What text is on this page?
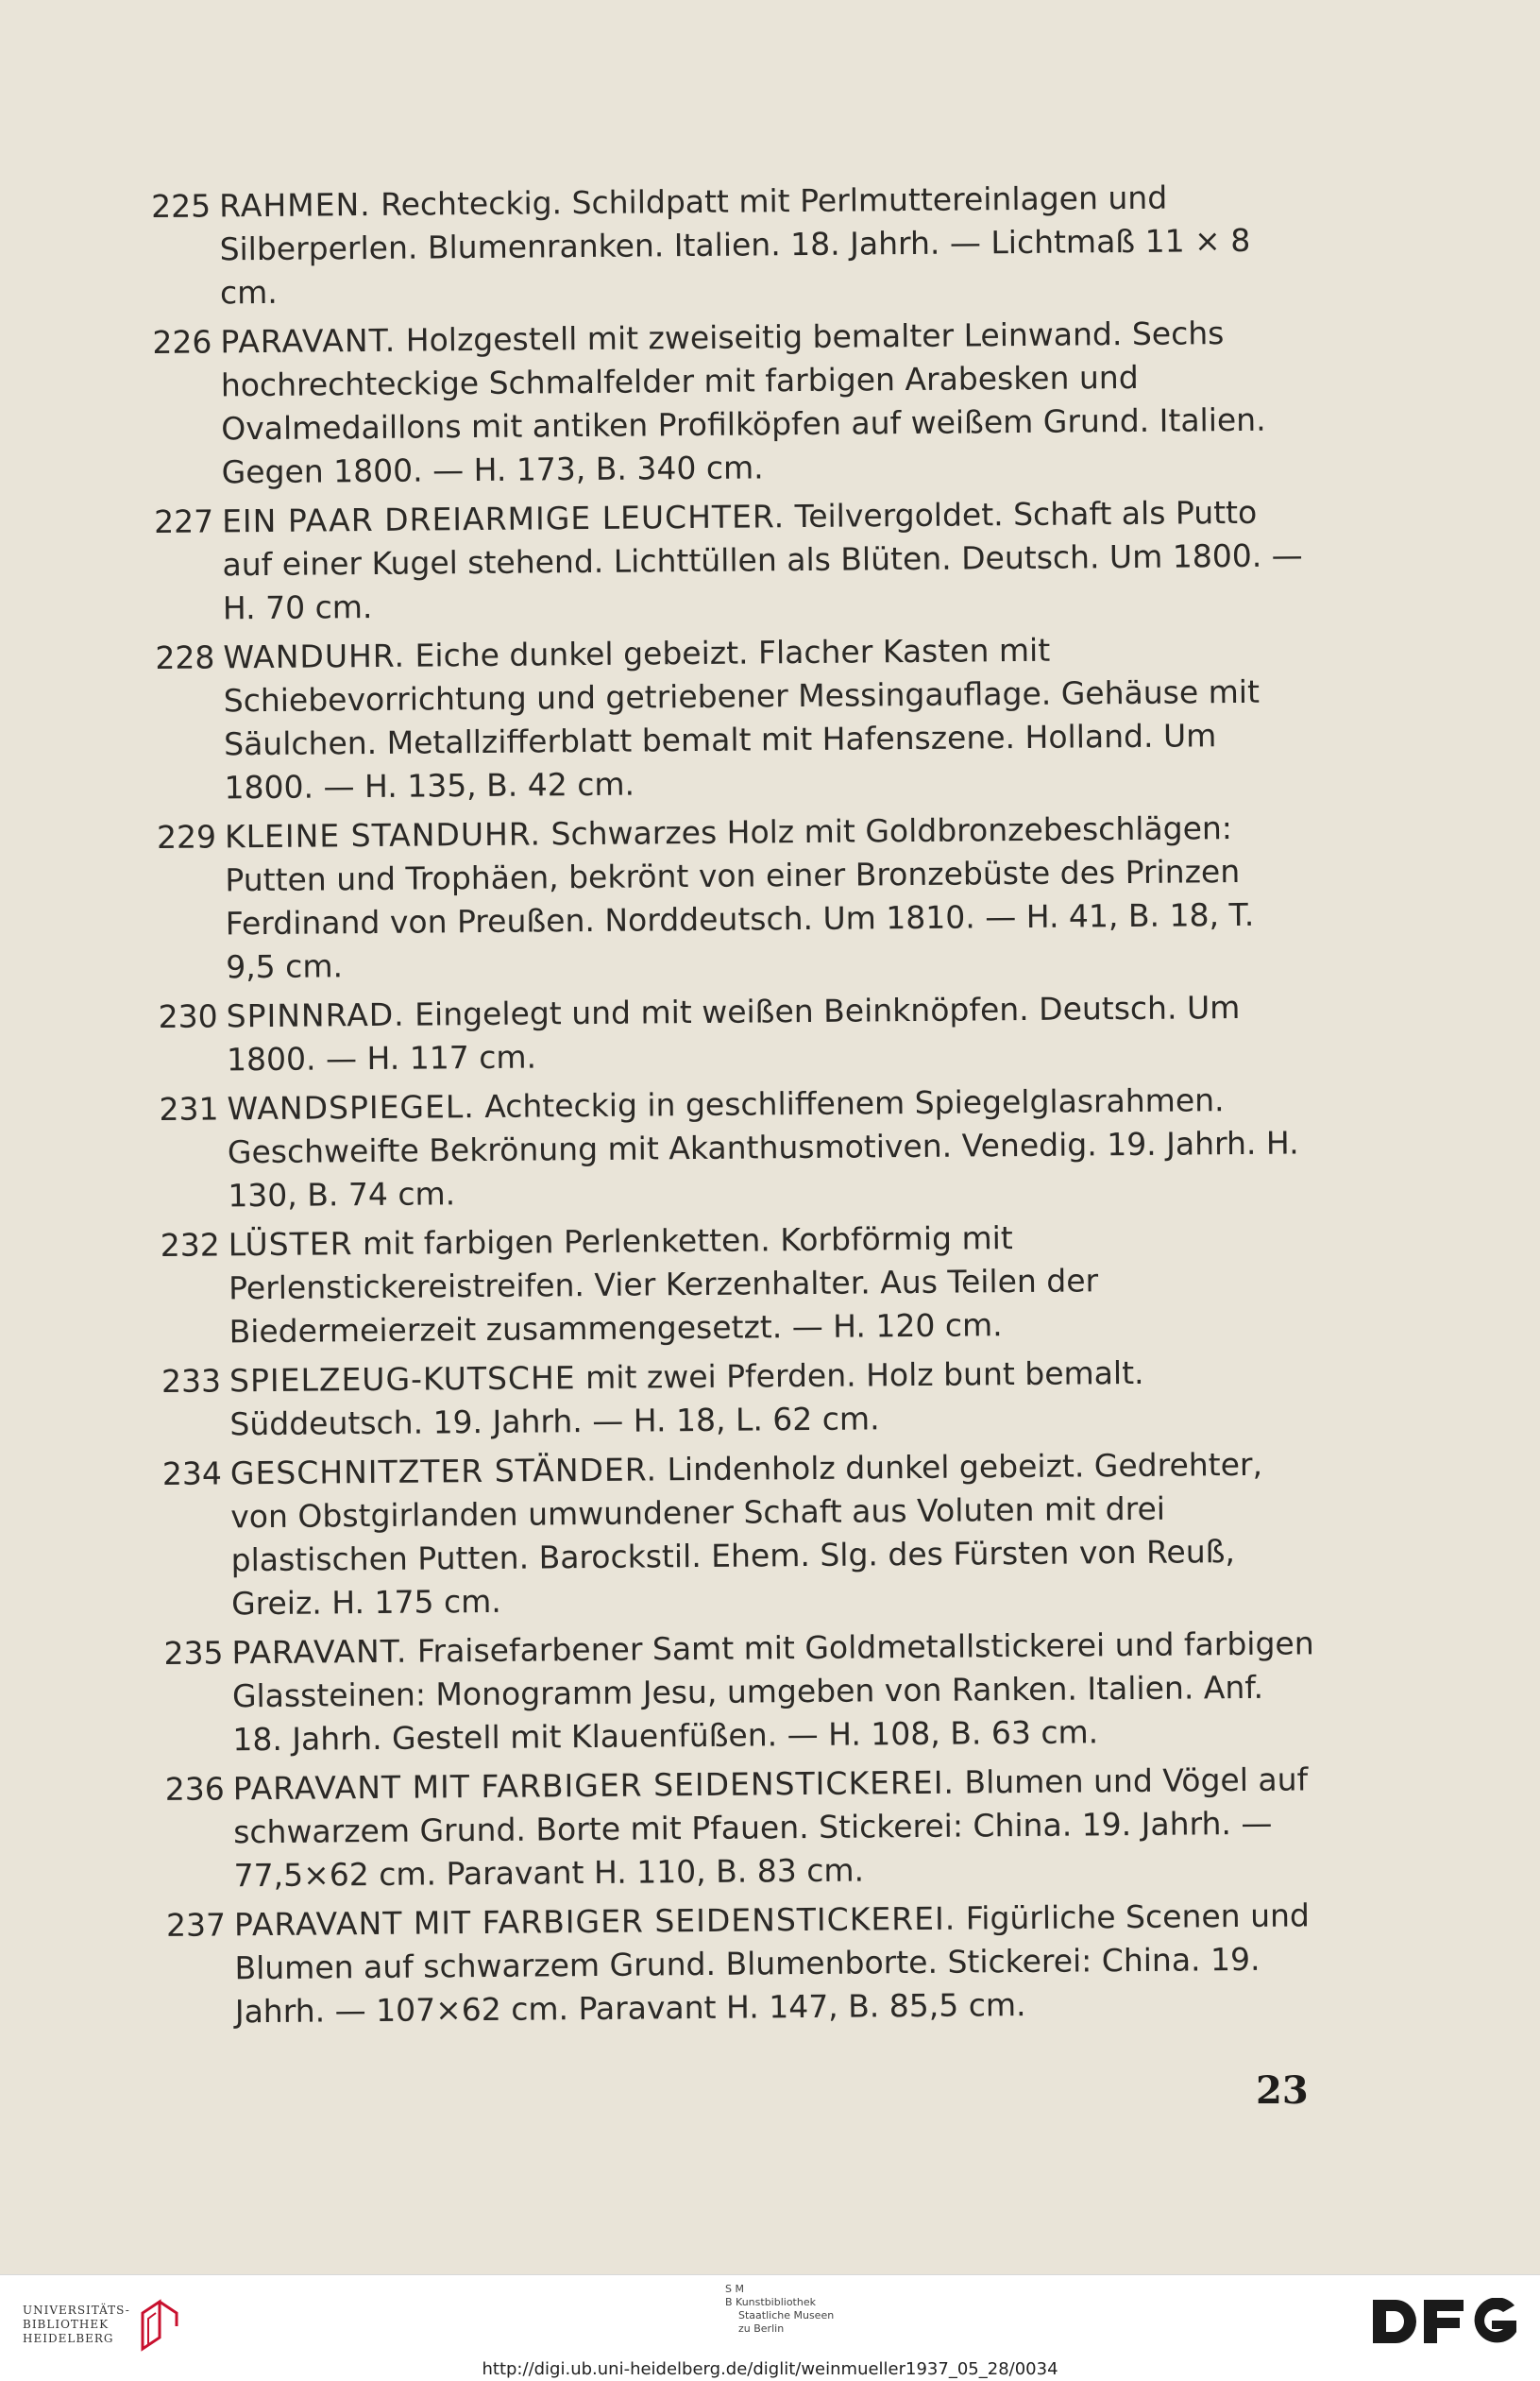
225 RAHMEN. Rechteckig. Schildpatt mit Perlmuttereinlagen und Silberperlen. Blumenranken. Italien. 18. Jahrh. — Lichtmaß 11 × 8 cm.
226 PARAVANT. Holzgestell mit zweiseitig bemalter Leinwand. Sechs hochrechteckige Schmalfelder mit farbigen Arabesken und Ovalmedaillons mit antiken Profilköpfen auf weißem Grund. Italien. Gegen 1800. — H. 173, B. 340 cm.
227 EIN PAAR DREIARMIGE LEUCHTER. Teilvergoldet. Schaft als Putto auf einer Kugel stehend. Lichttüllen als Blüten. Deutsch. Um 1800. — H. 70 cm.
228 WANDUHR. Eiche dunkel gebeizt. Flacher Kasten mit Schiebevorrichtung und getriebener Messingauflage. Gehäuse mit Säulchen. Metallzifferblatt bemalt mit Hafenszene. Holland. Um 1800. — H. 135, B. 42 cm.
229 KLEINE STANDUHR. Schwarzes Holz mit Goldbronzebeschlägen: Putten und Trophäen, bekrönt von einer Bronzebüste des Prinzen Ferdinand von Preußen. Norddeutsch. Um 1810. — H. 41, B. 18, T. 9,5 cm.
230 SPINNRAD. Eingelegt und mit weißen Beinknöpfen. Deutsch. Um 1800. — H. 117 cm.
231 WANDSPIEGEL. Achteckig in geschliffenem Spiegelglasrahmen. Geschweifte Bekrönung mit Akanthusmotiven. Venedig. 19. Jahrh. H. 130, B. 74 cm.
232 LÜSTER mit farbigen Perlenketten. Korbförmig mit Perlenstickereistreifen. Vier Kerzenhalter. Aus Teilen der Biedermeierzeit zusammengesetzt. — H. 120 cm.
233 SPIELZEUG-KUTSCHE mit zwei Pferden. Holz bunt bemalt. Süddeutsch. 19. Jahrh. — H. 18, L. 62 cm.
234 GESCHNITZTER STÄNDER. Lindenholz dunkel gebeizt. Gedrehter, von Obstgirlanden umwundener Schaft aus Voluten mit drei plastischen Putten. Barockstil. Ehem. Slg. des Fürsten von Reuß, Greiz. H. 175 cm.
235 PARAVANT. Fraisefarbener Samt mit Goldmetallstickerei und farbigen Glassteinen: Monogramm Jesu, umgeben von Ranken. Italien. Anf. 18. Jahrh. Gestell mit Klauenfüßen. — H. 108, B. 63 cm.
236 PARAVANT MIT FARBIGER SEIDENSTICKEREI. Blumen und Vögel auf schwarzem Grund. Borte mit Pfauen. Stickerei: China. 19. Jahrh. — 77,5×62 cm. Paravant H. 110, B. 83 cm.
237 PARAVANT MIT FARBIGER SEIDENSTICKEREI. Figürliche Scenen und Blumen auf schwarzem Grund. Blumenborte. Stickerei: China. 19. Jahrh. — 107×62 cm. Paravant H. 147, B. 85,5 cm.
23
UNIVERSITÄTS-
BIBLIOTHEK
HEIDELBERG
S M
B Kunstbibliothek
Staatliche Museen
zu Berlin
http://digi.ub.uni-heidelberg.de/diglit/weinmueller1937_05_28/0034
